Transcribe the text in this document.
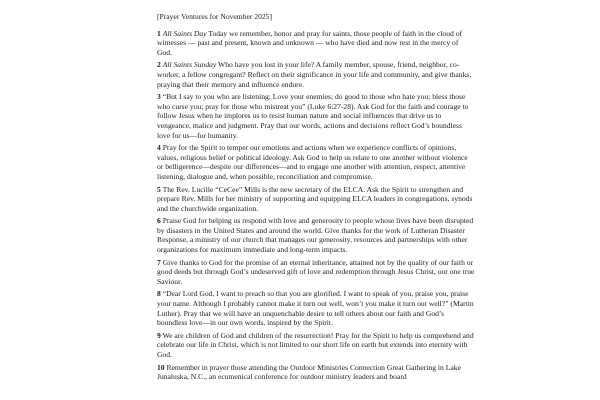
[Prayer Ventures for November 2025]

1 All Saints Day Today we remember, honor and pray for saints, those people of faith in the cloud of witnesses — past and present, known and unknown — who have died and now rest in the mercy of God.

2 All Saints Sunday Who have you lost in your life? A family member, spouse, friend, neighbor, co-worker, a fellow congregant? Reflect on their significance in your life and community, and give thanks, praying that their memory and influence endure.

3 “But I say to you who are listening: Love your enemies; do good to those who hate you; bless those who curse you; pray for those who mistreat you” (Luke 6:27-28). Ask God for the faith and courage to follow Jesus when he implores us to resist human nature and social influences that drive us to vengeance, malice and judgment. Pray that our words, actions and decisions reflect God’s boundless love for us—for humanity.

4 Pray for the Spirit to temper our emotions and actions when we experience conflicts of opinions, values, religious belief or political ideology. Ask God to help us relate to one another without violence or belligerence—despite our differences—and to engage one another with attention, respect, attentive listening, dialogue and, when possible, reconciliation and compromise.

5 The Rev. Lucille “CeCee” Mills is the new secretary of the ELCA. Ask the Spirit to strengthen and prepare Rev. Mills for her ministry of supporting and equipping ELCA leaders in congregations, synods and the churchwide organization.

6 Praise God for helping us respond with love and generosity to people whose lives have been disrupted by disasters in the United States and around the world. Give thanks for the work of Lutheran Disaster Response, a ministry of our church that manages our generosity, resources and partnerships with other organizations for maximum immediate and long-term impacts.

7 Give thanks to God for the promise of an eternal inheritance, attained not by the quality of our faith or good deeds but through God’s undeserved gift of love and redemption through Jesus Christ, our one true Saviour.

8 “Dear Lord God, I want to preach so that you are glorified. I want to speak of you, praise you, praise your name. Although I probably cannot make it turn out well, won’t you make it turn out well?” (Martin Luther). Pray that we will have an unquenchable desire to tell others about our faith and God’s boundless love—in our own words, inspired by the Spirit.

9 We are children of God and children of the resurrection! Pray for the Spirit to help us comprehend and celebrate our life in Christ, which is not limited to our short life on earth but extends into eternity with God.

10 Remember in prayer those attending the Outdoor Ministries Connection Great Gathering in Lake Junaluska, N.C., an ecumenical conference for outdoor ministry leaders and board
